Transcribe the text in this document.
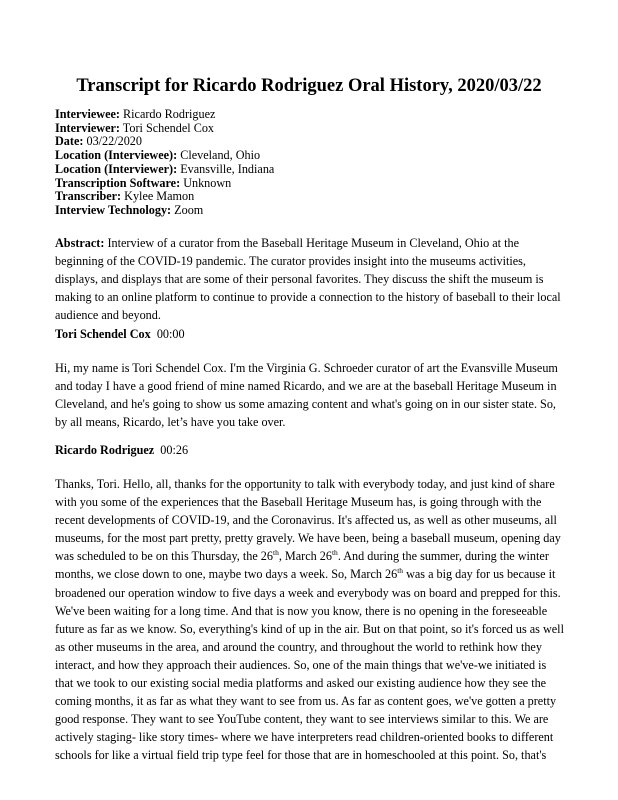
Transcript for Ricardo Rodriguez Oral History, 2020/03/22
Interviewee: Ricardo Rodriguez
Interviewer: Tori Schendel Cox
Date: 03/22/2020
Location (Interviewee): Cleveland, Ohio
Location (Interviewer): Evansville, Indiana
Transcription Software: Unknown
Transcriber: Kylee Mamon
Interview Technology: Zoom
Abstract: Interview of a curator from the Baseball Heritage Museum in Cleveland, Ohio at the
beginning of the COVID-19 pandemic. The curator provides insight into the museums activities,
displays, and displays that are some of their personal favorites. They discuss the shift the museum is
making to an online platform to continue to provide a connection to the history of baseball to their local
audience and beyond.
Tori Schendel Cox 00:00
Hi, my name is Tori Schendel Cox. I'm the Virginia G. Schroeder curator of art the Evansville Museum
and today I have a good friend of mine named Ricardo, and we are at the baseball Heritage Museum in
Cleveland, and he's going to show us some amazing content and what's going on in our sister state. So,
by all means, Ricardo, let’s have you take over.
Ricardo Rodriguez 00:26
Thanks, Tori. Hello, all, thanks for the opportunity to talk with everybody today, and just kind of share
with you some of the experiences that the Baseball Heritage Museum has, is going through with the
recent developments of COVID-19, and the Coronavirus. It's affected us, as well as other museums, all
museums, for the most part pretty, pretty gravely. We have been, being a baseball museum, opening day
was scheduled to be on this Thursday, the 26th, March 26th. And during the summer, during the winter
months, we close down to one, maybe two days a week. So, March 26th was a big day for us because it
broadened our operation window to five days a week and everybody was on board and prepped for this.
We've been waiting for a long time. And that is now you know, there is no opening in the foreseeable
future as far as we know. So, everything's kind of up in the air. But on that point, so it's forced us as well
as other museums in the area, and around the country, and throughout the world to rethink how they
interact, and how they approach their audiences. So, one of the main things that we've-we initiated is
that we took to our existing social media platforms and asked our existing audience how they see the
coming months, it as far as what they want to see from us. As far as content goes, we've gotten a pretty
good response. They want to see YouTube content, they want to see interviews similar to this. We are
actively staging- like story times- where we have interpreters read children-oriented books to different
schools for like a virtual field trip type feel for those that are in homeschooled at this point. So, that's
